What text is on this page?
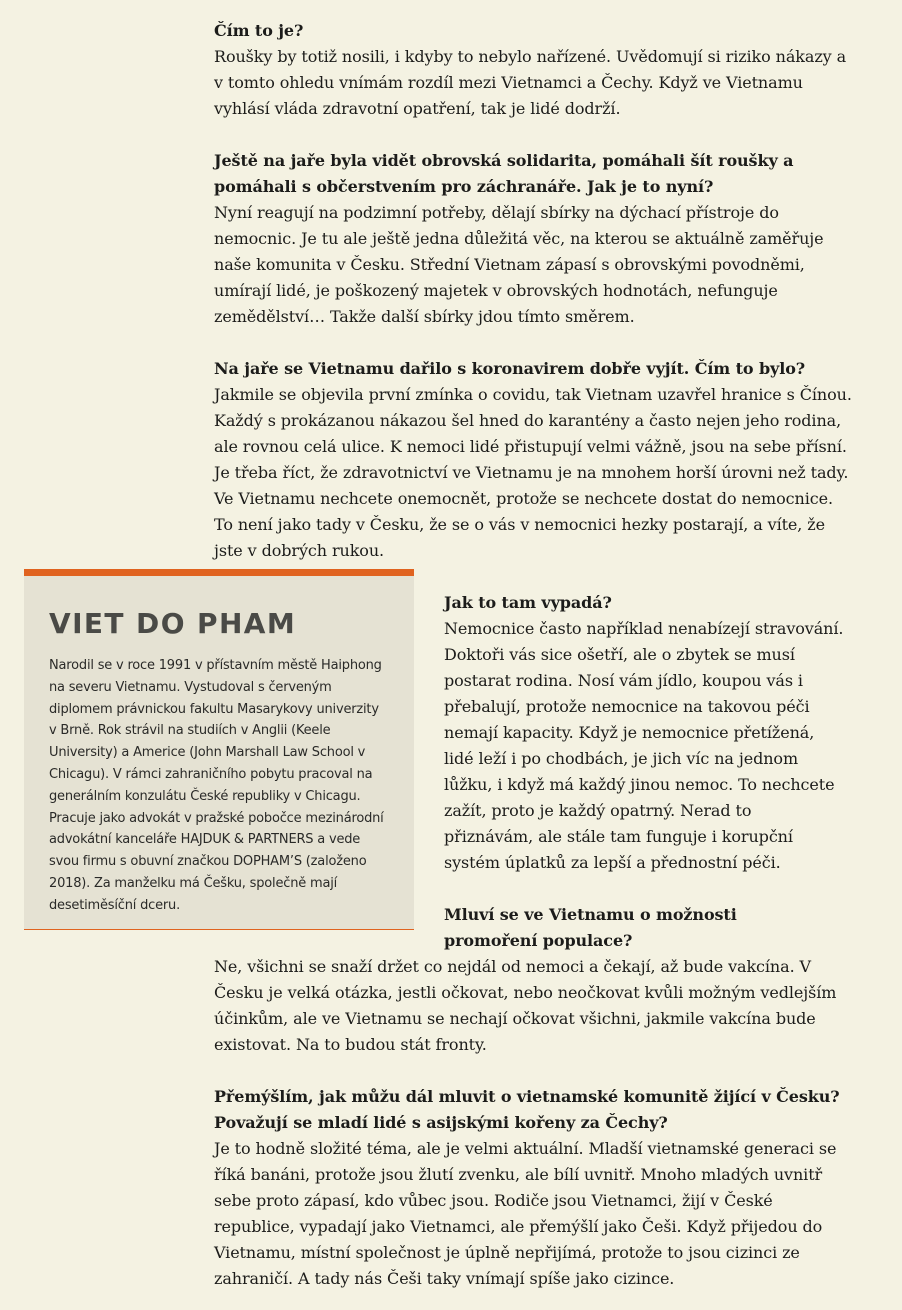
Čím to je?
Roušky by totiž nosili, i kdyby to nebylo nařízené. Uvědomují si riziko nákazy a v tomto ohledu vnímám rozdíl mezi Vietnamci a Čechy. Když ve Vietnamu vyhlásí vláda zdravotní opatření, tak je lidé dodrží.
Ještě na jaře byla vidět obrovská solidarita, pomáhali šít roušky a pomáhali s občerstvením pro záchranáře. Jak je to nyní?
Nyní reagují na podzimní potřeby, dělají sbírky na dýchací přístroje do nemocnic. Je tu ale ještě jedna důležitá věc, na kterou se aktuálně zaměřuje naše komunita v Česku. Střední Vietnam zápasí s obrovskými povodněmi, umírají lidé, je poškozený majetek v obrovských hodnotách, nefunguje zemědělství… Takže další sbírky jdou tímto směrem.
Na jaře se Vietnamu dařilo s koronavirem dobře vyjít. Čím to bylo?
Jakmile se objevila první zmínka o covidu, tak Vietnam uzavřel hranice s Čínou. Každý s prokázanou nákazou šel hned do karantény a často nejen jeho rodina, ale rovnou celá ulice. K nemoci lidé přistupují velmi vážně, jsou na sebe přísní. Je třeba říct, že zdravotnictví ve Vietnamu je na mnohem horší úrovni než tady. Ve Vietnamu nechcete onemocnět, protože se nechcete dostat do nemocnice. To není jako tady v Česku, že se o vás v nemocnici hezky postarají, a víte, že jste v dobrých rukou.
VIET DO PHAM

Narodil se v roce 1991 v přístavním městě Haiphong na severu Vietnamu. Vystudoval s červeným diplomem právnickou fakultu Masarykovy univerzity v Brně. Rok strávil na studiích v Anglii (Keele University) a Americe (John Marshall Law School v Chicagu). V rámci zahraničního pobytu pracoval na generálním konzulátu České republiky v Chicagu. Pracuje jako advokát v pražské pobočce mezinárodní advokátní kanceláře HAJDUK & PARTNERS a vede svou firmu s obuvní značkou DOPHAM’S (založeno 2018). Za manželku má Češku, společně mají desetiměsíční dceru.

Jak to tam vypadá?
Nemocnice často například nenabízejí stravování. Doktoři vás sice ošetří, ale o zbytek se musí postarat rodina. Nosí vám jídlo, koupou vás i přebalují, protože nemocnice na takovou péči nemají kapacity. Když je nemocnice přetížená, lidé leží i po chodbách, je jich víc na jednom lůžku, i když má každý jinou nemoc. To nechcete zažít, proto je každý opatrný. Nerad to přiznávám, ale stále tam funguje i korupční systém úplatků za lepší a přednostní péči.
Mluví se ve Vietnamu o možnosti promoření populace?
Ne, všichni se snaží držet co nejdál od nemoci a čekají, až bude vakcína. V Česku je velká otázka, jestli očkovat, nebo neočkovat kvůli možným vedlejším účinkům, ale ve Vietnamu se nechají očkovat všichni, jakmile vakcína bude existovat. Na to budou stát fronty.
Přemýšlím, jak můžu dál mluvit o vietnamské komunitě žijící v Česku? Považují se mladí lidé s asijskými kořeny za Čechy?
Je to hodně složité téma, ale je velmi aktuální. Mladší vietnamské generaci se říká banáni, protože jsou žlutí zvenku, ale bílí uvnitř. Mnoho mladých uvnitř sebe proto zápasí, kdo vůbec jsou. Rodiče jsou Vietnamci, žijí v České republice, vypadají jako Vietnamci, ale přemýšlí jako Češi. Když přijedou do Vietnamu, místní společnost je úplně nepřijímá, protože to jsou cizinci ze zahraničí. A tady nás Češi taky vnímají spíše jako cizince.
